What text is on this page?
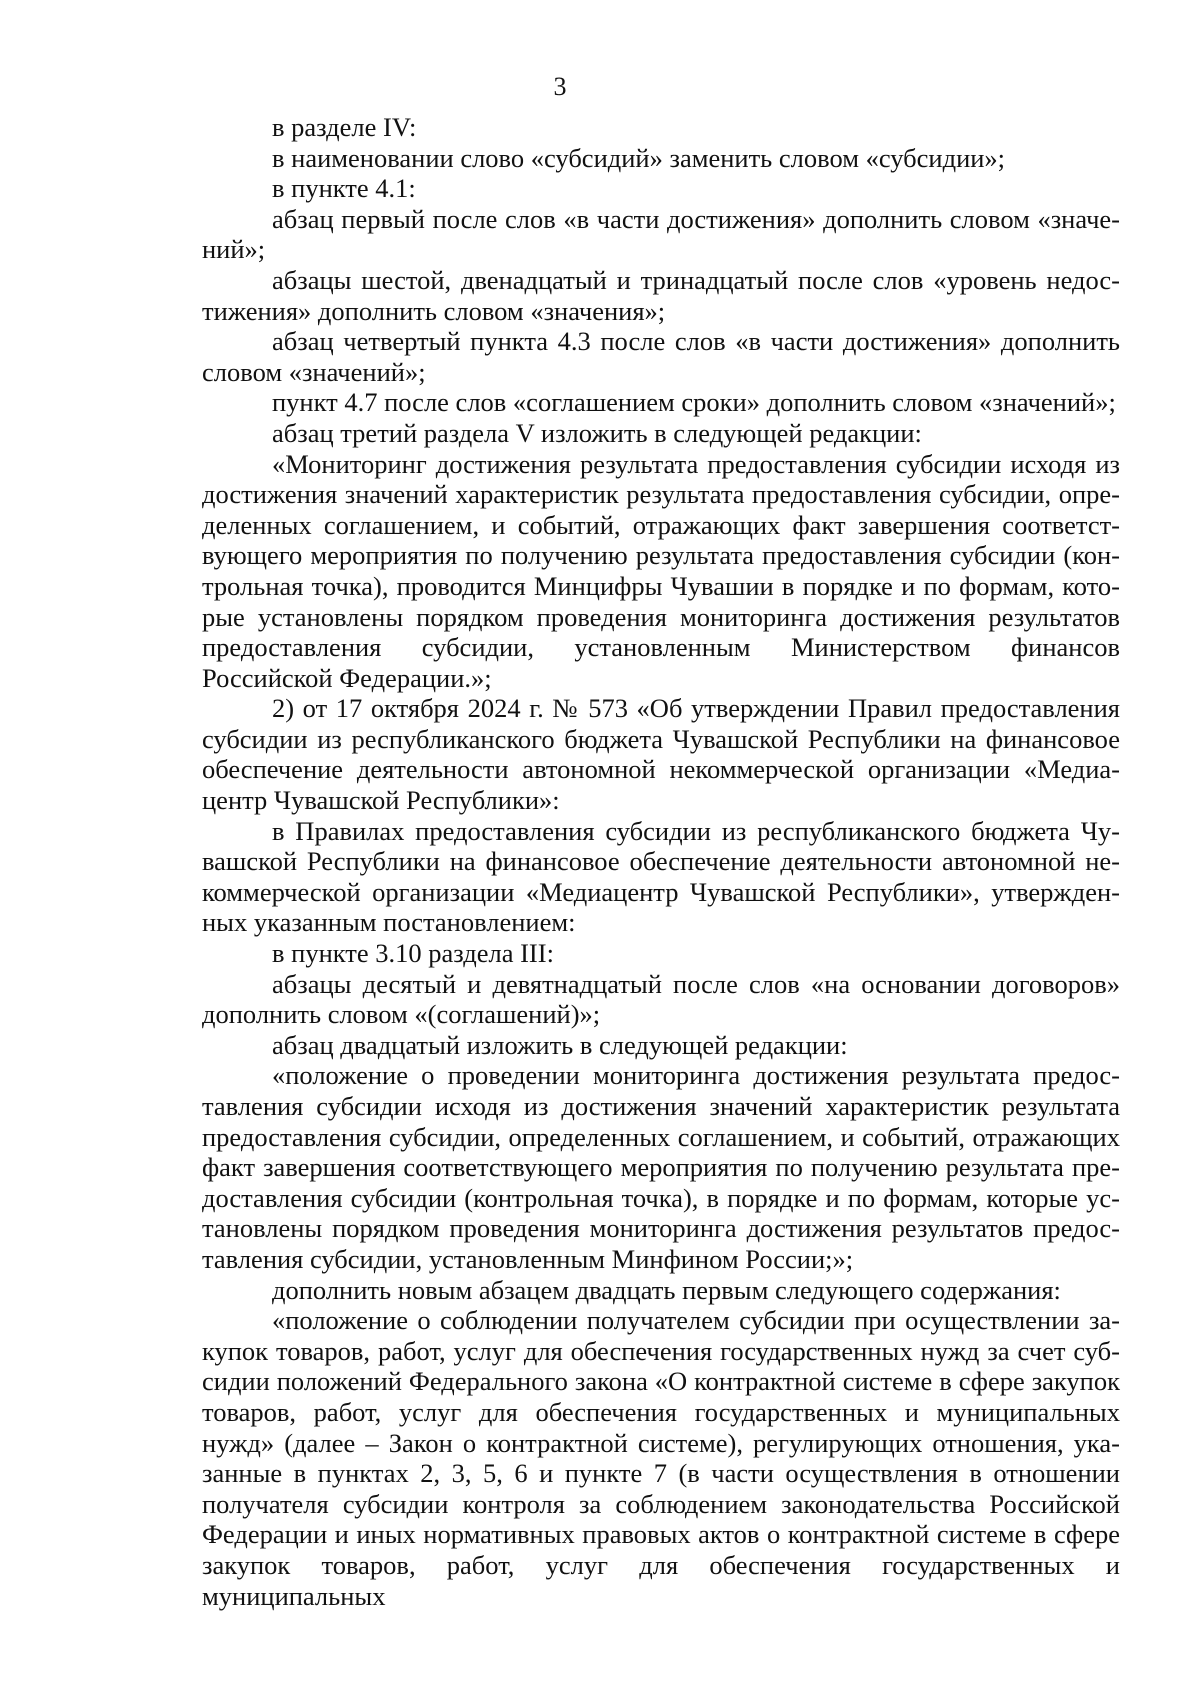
3

в разделе IV:

в наименовании слово «субсидий» заменить словом «субсидии»;

в пункте 4.1:

абзац первый после слов «в части достижения» дополнить словом «значений»;

абзацы шестой, двенадцатый и тринадцатый после слов «уровень недостижения» дополнить словом «значения»;

абзац четвертый пункта 4.3 после слов «в части достижения» дополнить словом «значений»;

пункт 4.7 после слов «соглашением сроки» дополнить словом «значений»;

абзац третий раздела V изложить в следующей редакции:

«Мониторинг достижения результата предоставления субсидии исходя из достижения значений характеристик результата предоставления субсидии, определенных соглашением, и событий, отражающих факт завершения соответствующего мероприятия по получению результата предоставления субсидии (контрольная точка), проводится Минцифры Чувашии в порядке и по формам, которые установлены порядком проведения мониторинга достижения результатов предоставления субсидии, установленным Министерством финансов Российской Федерации.»;

2) от 17 октября 2024 г. № 573 «Об утверждении Правил предоставления субсидии из республиканского бюджета Чувашской Республики на финансовое обеспечение деятельности автономной некоммерческой организации «Медиацентр Чувашской Республики»:

в Правилах предоставления субсидии из республиканского бюджета Чувашской Республики на финансовое обеспечение деятельности автономной некоммерческой организации «Медиацентр Чувашской Республики», утвержденных указанным постановлением:

в пункте 3.10 раздела III:

абзацы десятый и девятнадцатый после слов «на основании договоров» дополнить словом «(соглашений)»;

абзац двадцатый изложить в следующей редакции:

«положение о проведении мониторинга достижения результата предоставления субсидии исходя из достижения значений характеристик результата предоставления субсидии, определенных соглашением, и событий, отражающих факт завершения соответствующего мероприятия по получению результата предоставления субсидии (контрольная точка), в порядке и по формам, которые установлены порядком проведения мониторинга достижения результатов предоставления субсидии, установленным Минфином России;»;

дополнить новым абзацем двадцать первым следующего содержания:

«положение о соблюдении получателем субсидии при осуществлении закупок товаров, работ, услуг для обеспечения государственных нужд за счет субсидии положений Федерального закона «О контрактной системе в сфере закупок товаров, работ, услуг для обеспечения государственных и муниципальных нужд» (далее – Закон о контрактной системе), регулирующих отношения, указанные в пунктах 2, 3, 5, 6 и пункте 7 (в части осуществления в отношении получателя субсидии контроля за соблюдением законодательства Российской Федерации и иных нормативных правовых актов о контрактной системе в сфере закупок товаров, работ, услуг для обеспечения государственных и муниципальных
